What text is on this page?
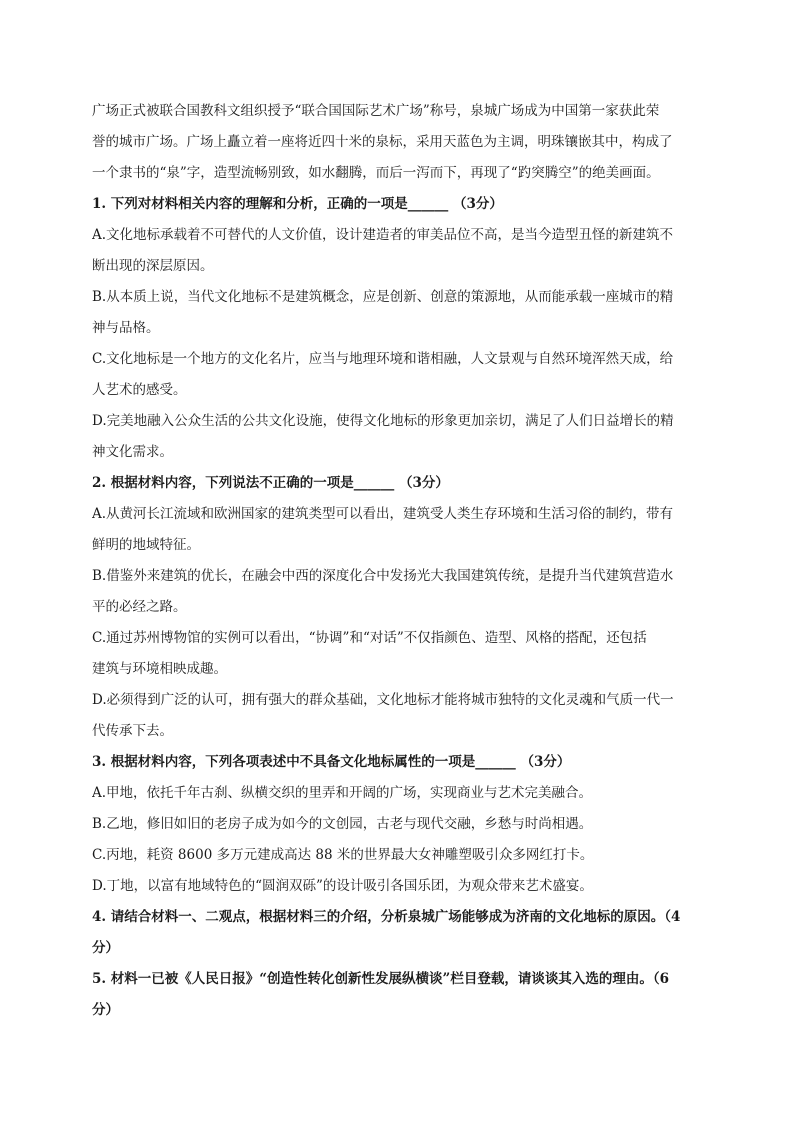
广场正式被联合国教科文组织授予“联合国国际艺术广场”称号，泉城广场成为中国第一家获此荣
誉的城市广场。广场上矗立着一座将近四十米的泉标，采用天蓝色为主调，明珠镶嵌其中，构成了
一个隶书的“泉”字，造型流畅别致，如水翻腾，而后一泻而下，再现了“趵突腾空”的绝美画面。
1. 下列对材料相关内容的理解和分析，正确的一项是______ （3分）
A.文化地标承载着不可替代的人文价值，设计建造者的审美品位不高，是当今造型丑怪的新建筑不
断出现的深层原因。
B.从本质上说，当代文化地标不是建筑概念，应是创新、创意的策源地，从而能承载一座城市的精
神与品格。
C.文化地标是一个地方的文化名片，应当与地理环境和谐相融，人文景观与自然环境浑然天成，给
人艺术的感受。
D.完美地融入公众生活的公共文化设施，使得文化地标的形象更加亲切，满足了人们日益增长的精
神文化需求。
2. 根据材料内容，下列说法不正确的一项是______ （3分）
A.从黄河长江流域和欧洲国家的建筑类型可以看出，建筑受人类生存环境和生活习俗的制约，带有
鲜明的地域特征。
B.借鉴外来建筑的优长，在融会中西的深度化合中发扬光大我国建筑传统，是提升当代建筑营造水
平的必经之路。
C.通过苏州博物馆的实例可以看出，“协调”和“对话”不仅指颜色、造型、风格的搭配，还包括
建筑与环境相映成趣。
D.必须得到广泛的认可，拥有强大的群众基础，文化地标才能将城市独特的文化灵魂和气质一代一
代传承下去。
3. 根据材料内容，下列各项表述中不具备文化地标属性的一项是______ （3分）
A.甲地，依托千年古刹、纵横交织的里弄和开阔的广场，实现商业与艺术完美融合。
B.乙地，修旧如旧的老房子成为如今的文创园，古老与现代交融，乡愁与时尚相遇。
C.丙地，耗资 8600 多万元建成高达 88 米的世界最大女神雕塑吸引众多网红打卡。
D.丁地，以富有地域特色的“圆润双砾”的设计吸引各国乐团，为观众带来艺术盛宴。
4. 请结合材料一、二观点，根据材料三的介绍，分析泉城广场能够成为济南的文化地标的原因。（4
分）
5. 材料一已被《人民日报》“创造性转化创新性发展纵横谈”栏目登载，请谈谈其入选的理由。（6
分）
